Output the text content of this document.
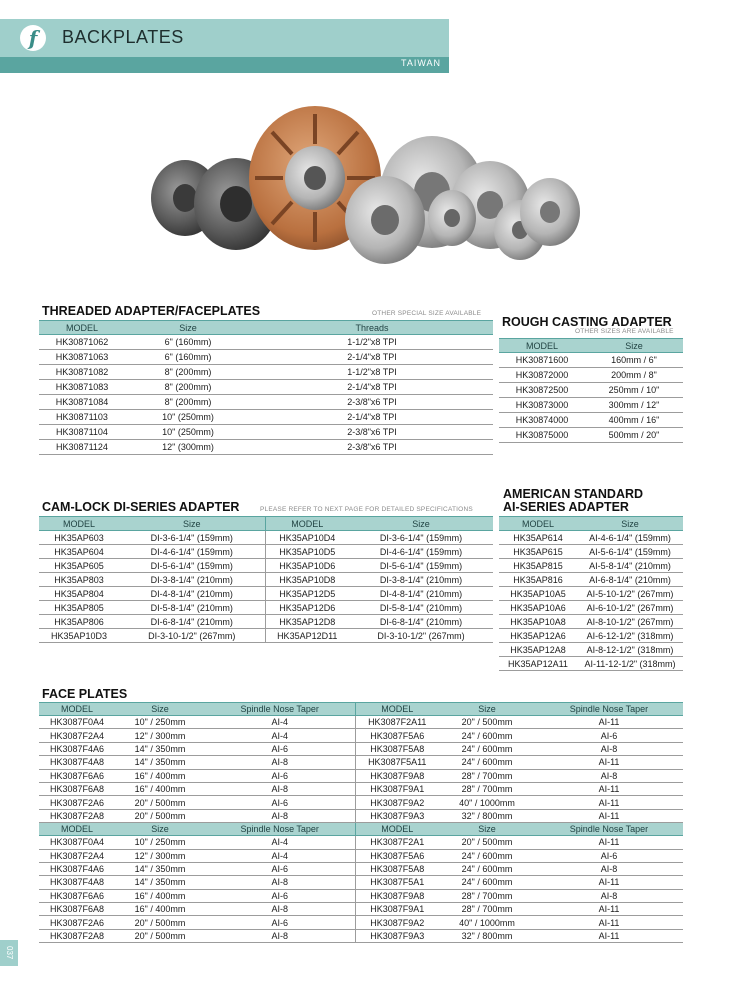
TAIWAN
f	BACKPLATES
THREADED ADAPTER/FACEPLATES	OTHER SPECIAL SIZE AVAILABLE
MODEL	Size	Threads
HK30871062	6" (160mm)	1-1/2"x8 TPI
HK30871063	6" (160mm)	2-1/4"x8 TPI
HK30871082	8" (200mm)	1-1/2"x8 TPI
HK30871083	8" (200mm)	2-1/4"x8 TPI
HK30871084	8" (200mm)	2-3/8"x6 TPI
HK30871103	10" (250mm)	2-1/4"x8 TPI
HK30871104	10" (250mm)	2-3/8"x6 TPI
HK30871124	12" (300mm)	2-3/8"x6 TPI
ROUGH CASTING ADAPTER
OTHER SIZES ARE AVAILABLE
MODEL	Size
HK30871600	160mm / 6"
HK30872000	200mm / 8"
HK30872500	250mm / 10"
HK30873000	300mm / 12"
HK30874000	400mm / 16"
HK30875000	500mm / 20"
CAM-LOCK DI-SERIES ADAPTER	PLEASE REFER TO NEXT PAGE FOR DETAILED SPECIFICATIONS
MODEL	Size	MODEL	Size
HK35AP603	DI-3-6-1/4" (159mm)	HK35AP10D4	DI-3-6-1/4" (159mm)
HK35AP604	DI-4-6-1/4" (159mm)	HK35AP10D5	DI-4-6-1/4" (159mm)
HK35AP605	DI-5-6-1/4" (159mm)	HK35AP10D6	DI-5-6-1/4" (159mm)
HK35AP803	DI-3-8-1/4" (210mm)	HK35AP10D8	DI-3-8-1/4" (210mm)
HK35AP804	DI-4-8-1/4" (210mm)	HK35AP12D5	DI-4-8-1/4" (210mm)
HK35AP805	DI-5-8-1/4" (210mm)	HK35AP12D6	DI-5-8-1/4" (210mm)
HK35AP806	DI-6-8-1/4" (210mm)	HK35AP12D8	DI-6-8-1/4" (210mm)
HK35AP10D3	DI-3-10-1/2" (267mm)	HK35AP12D11	DI-3-10-1/2" (267mm)
AMERICAN STANDARD
AI-SERIES ADAPTER
MODEL	Size
HK35AP614	AI-4-6-1/4" (159mm)
HK35AP615	AI-5-6-1/4" (159mm)
HK35AP815	AI-5-8-1/4" (210mm)
HK35AP816	AI-6-8-1/4" (210mm)
HK35AP10A5	AI-5-10-1/2" (267mm)
HK35AP10A6	AI-6-10-1/2" (267mm)
HK35AP10A8	AI-8-10-1/2" (267mm)
HK35AP12A6	AI-6-12-1/2" (318mm)
HK35AP12A8	AI-8-12-1/2" (318mm)
HK35AP12A11	AI-11-12-1/2" (318mm)
FACE PLATES
MODEL	Size	Spindle Nose Taper	MODEL	Size	Spindle Nose Taper
HK3087F0A4	10" / 250mm	AI-4	HK3087F2A11	20" / 500mm	AI-11
HK3087F2A4	12" / 300mm	AI-4	HK3087F5A6	24" / 600mm	AI-6
HK3087F4A6	14" / 350mm	AI-6	HK3087F5A8	24" / 600mm	AI-8
HK3087F4A8	14" / 350mm	AI-8	HK3087F5A11	24" / 600mm	AI-11
HK3087F6A6	16" / 400mm	AI-6	HK3087F9A8	28" / 700mm	AI-8
HK3087F6A8	16" / 400mm	AI-8	HK3087F9A1	28" / 700mm	AI-11
HK3087F2A6	20" / 500mm	AI-6	HK3087F9A2	40" / 1000mm	AI-11
HK3087F2A8	20" / 500mm	AI-8	HK3087F9A3	32" / 800mm	AI-11
MODEL	Size	Spindle Nose Taper	MODEL	Size	Spindle Nose Taper
HK3087F0A4	10" / 250mm	AI-4	HK3087F2A1	20" / 500mm	AI-11
HK3087F2A4	12" / 300mm	AI-4	HK3087F5A6	24" / 600mm	AI-6
HK3087F4A6	14" / 350mm	AI-6	HK3087F5A8	24" / 600mm	AI-8
HK3087F4A8	14" / 350mm	AI-8	HK3087F5A1	24" / 600mm	AI-11
HK3087F6A6	16" / 400mm	AI-6	HK3087F9A8	28" / 700mm	AI-8
HK3087F6A8	16" / 400mm	AI-8	HK3087F9A1	28" / 700mm	AI-11
HK3087F2A6	20" / 500mm	AI-6	HK3087F9A2	40" / 1000mm	AI-11
HK3087F2A8	20" / 500mm	AI-8	HK3087F9A3	32" / 800mm	AI-11
037
